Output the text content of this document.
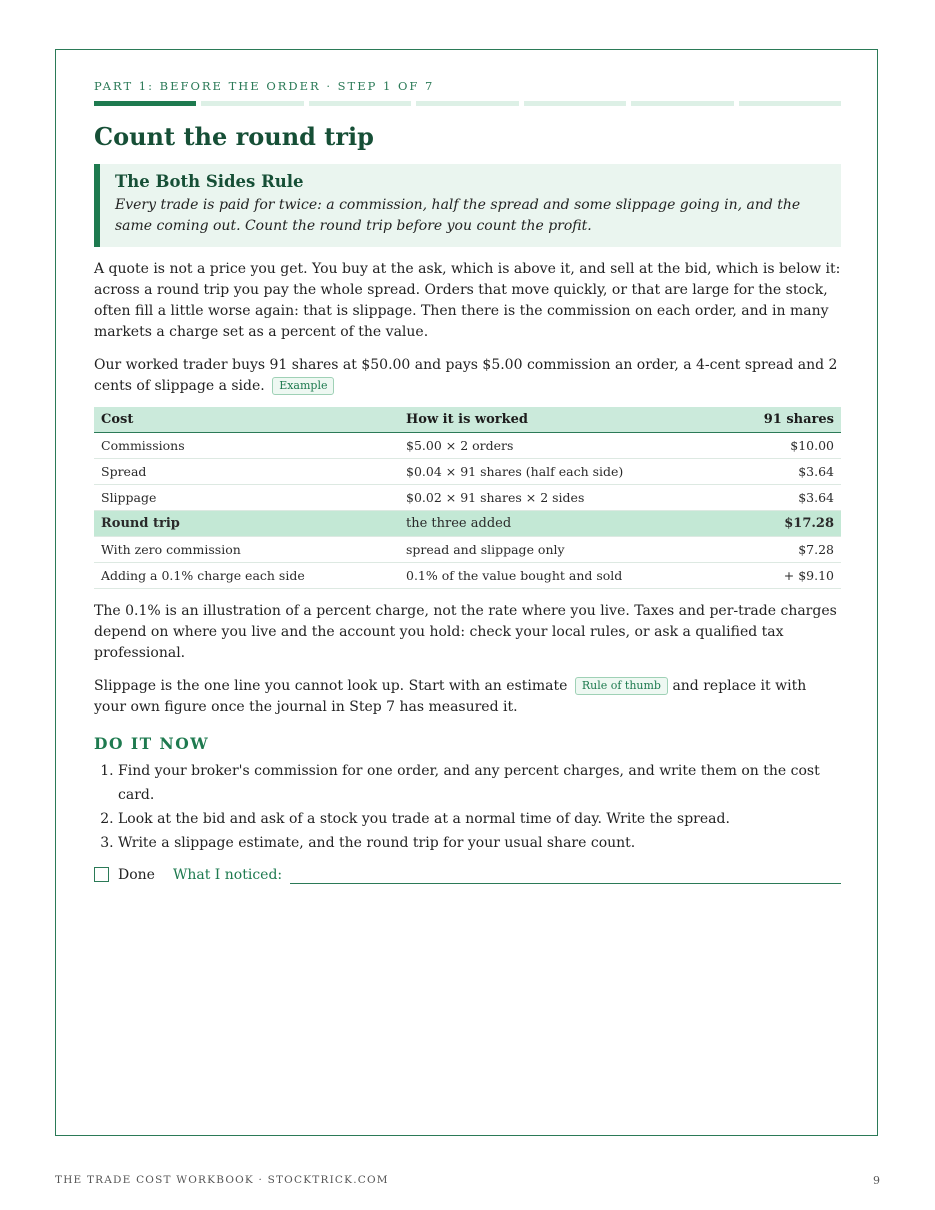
PART 1: BEFORE THE ORDER · STEP 1 OF 7
Count the round trip
The Both Sides Rule
Every trade is paid for twice: a commission, half the spread and some slippage going in, and the same coming out. Count the round trip before you count the profit.

A quote is not a price you get. You buy at the ask, which is above it, and sell at the bid, which is below it: across a round trip you pay the whole spread. Orders that move quickly, or that are large for the stock, often fill a little worse again: that is slippage. Then there is the commission on each order, and in many markets a charge set as a percent of the value.

Our worked trader buys 91 shares at $50.00 and pays $5.00 commission an order, a 4-cent spread and 2 cents of slippage a side. Example

Cost	How it is worked	91 shares
Commissions	$5.00 × 2 orders	$10.00
Spread	$0.04 × 91 shares (half each side)	$3.64
Slippage	$0.02 × 91 shares × 2 sides	$3.64
Round trip	the three added	$17.28
With zero commission	spread and slippage only	$7.28
Adding a 0.1% charge each side	0.1% of the value bought and sold	+ $9.10

The 0.1% is an illustration of a percent charge, not the rate where you live. Taxes and per-trade charges depend on where you live and the account you hold: check your local rules, or ask a qualified tax professional.

Slippage is the one line you cannot look up. Start with an estimate Rule of thumb and replace it with your own figure once the journal in Step 7 has measured it.

DO IT NOW
1. Find your broker's commission for one order, and any percent charges, and write them on the cost card.
2. Look at the bid and ask of a stock you trade at a normal time of day. Write the spread.
3. Write a slippage estimate, and the round trip for your usual share count.
Done What I noticed:
THE TRADE COST WORKBOOK · STOCKTRICK.COM	9
